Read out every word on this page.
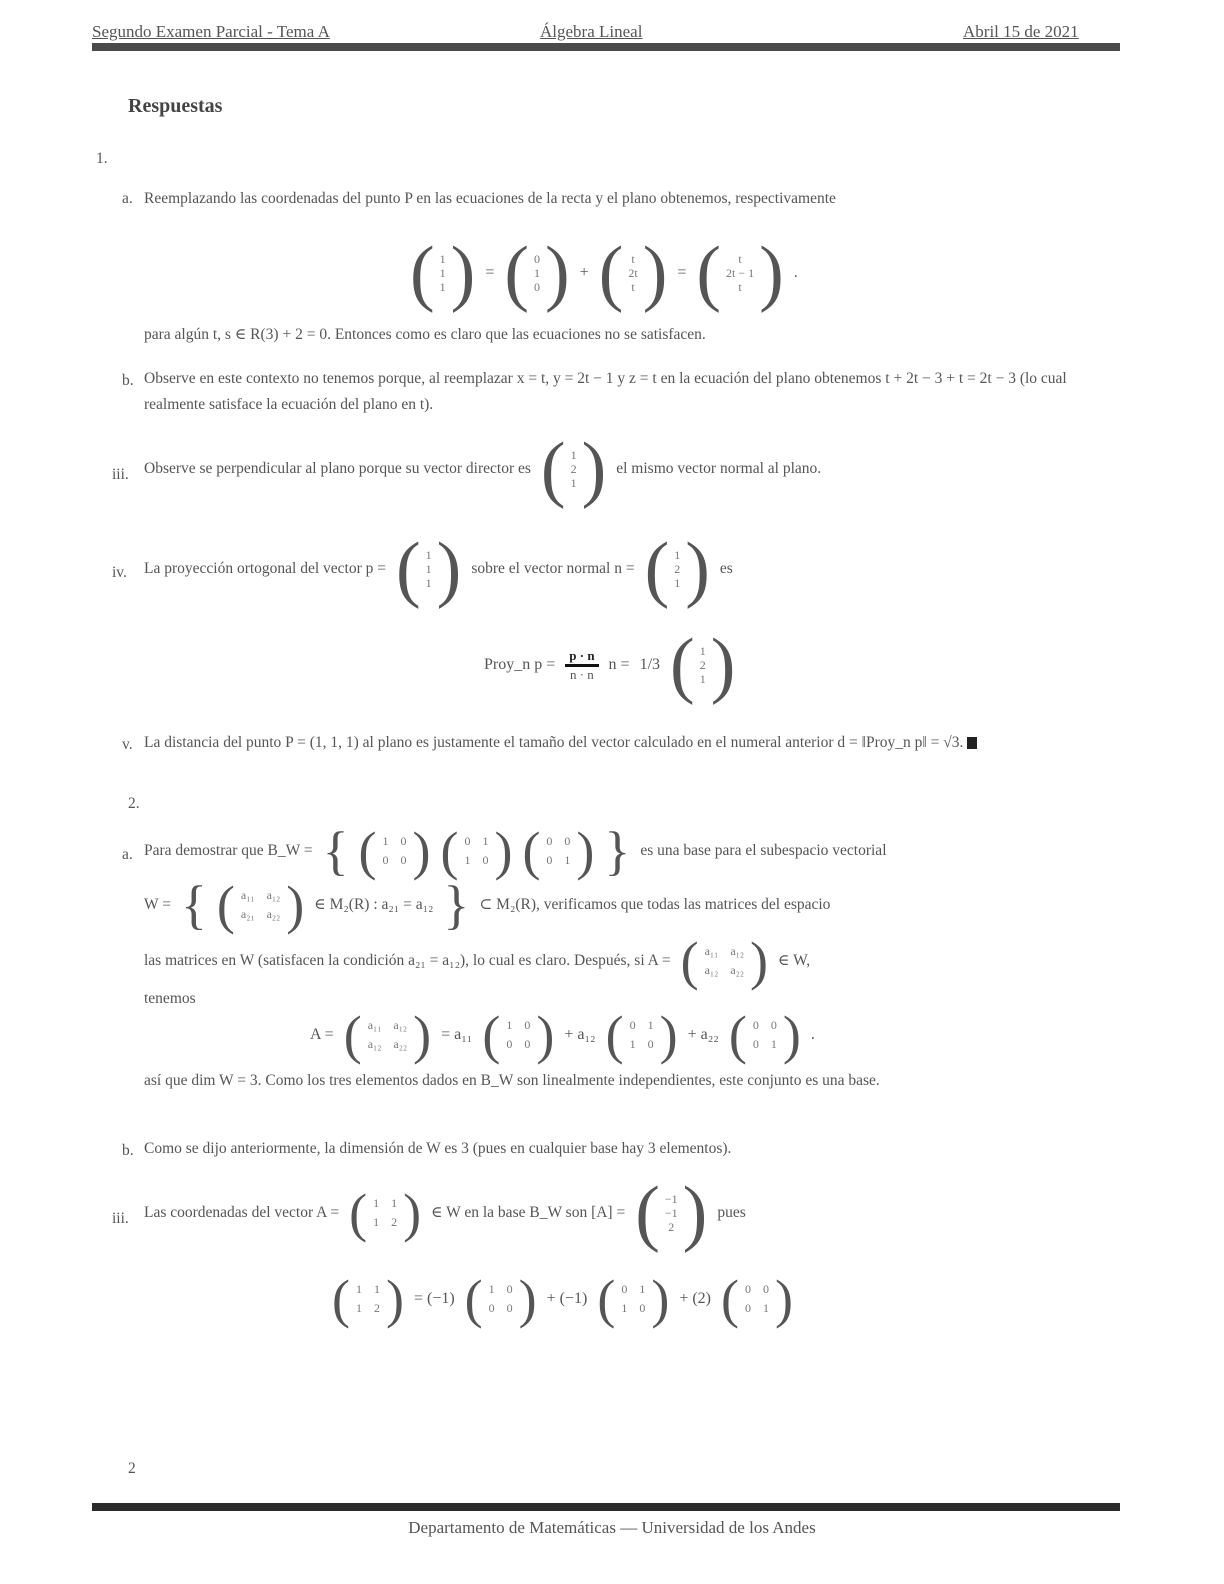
Segundo Examen Parcial - Tema A	Álgebra Lineal	Abril 15 de 2021
Respuestas
1.
a. Reemplazando las coordenadas del punto P en las ecuaciones de la recta y el plano obtenemos, respectivamente
( 1
1
1 ) = ( 0
1
0 ) + ( t
2t
t ) = ( t
2t − 1
t ) .
para algún t, s ∈ R(3) + 2 = 0. Entonces como es claro que las ecuaciones no se satisfacen.
b. Observe en este contexto no tenemos porque, al reemplazar x = t, y = 2t − 1 y z = t en la ecuación del plano obtenemos t + 2t − 3 + t = 2t − 3 (lo cual realmente satisface la ecuación del plano en t).
iii. Observe se perpendicular al plano porque su vector director es ( 1
2
1 ) el mismo vector normal al plano.
iv. La proyección ortogonal del vector p = ( 1
1
1 ) sobre el vector normal n = ( 1
2
1 ) es
Proy_n $p = \frac{p \cdot n}{n \cdot n}$ n = 1/3 ( 1
2
1 )
v. La distancia del punto P = (1, 1, 1) al plano es justamente el tamaño del vector calculado en el numeral anterior d = ‖Proy_n p‖ = √3.
2.
a. Para demostrar que B_W = { ( 1 0
0 0 ) ( 0 1
1 0 ) ( 0 0
0 1 ) } es una base para el subespacio vectorial
W = { ( a₁₁ a₁₂
a₂₁ a₂₂ ) ∈ M₂(R) : a₂₁ = a₁₂ } ⊂ M₂(R), verificamos que todas las matrices del espacio
las matrices en W (satisfacen la condición a₂₁ = a₁₂), lo cual es claro. Después, si A = ( a₁₁ a₁₂
a₁₂ a₂₂ ) ∈ W,
tenemos
A = ( a₁₁ a₁₂
a₁₂ a₂₂ ) = a₁₁ ( 1 0
0 0 ) + a₁₂ ( 0 1
1 0 ) + a₂₂ ( 0 0
0 1 ) .
así que dim W = 3. Como los tres elementos dados en B_W son linealmente independientes, este conjunto es una base.
b. Como se dijo anteriormente, la dimensión de W es 3 (pues en cualquier base hay 3 elementos).
iii. Las coordenadas del vector A = ( 1 1
1 2 ) ∈ W en la base B_W son [A] = ( −1
−1
2 ) pues
( 1 1
1 2 ) = (−1) ( 1 0
0 0 ) + (−1) ( 0 1
1 0 ) + (2) ( 0 0
0 1 )
2
Departamento de Matemáticas — Universidad de los Andes
